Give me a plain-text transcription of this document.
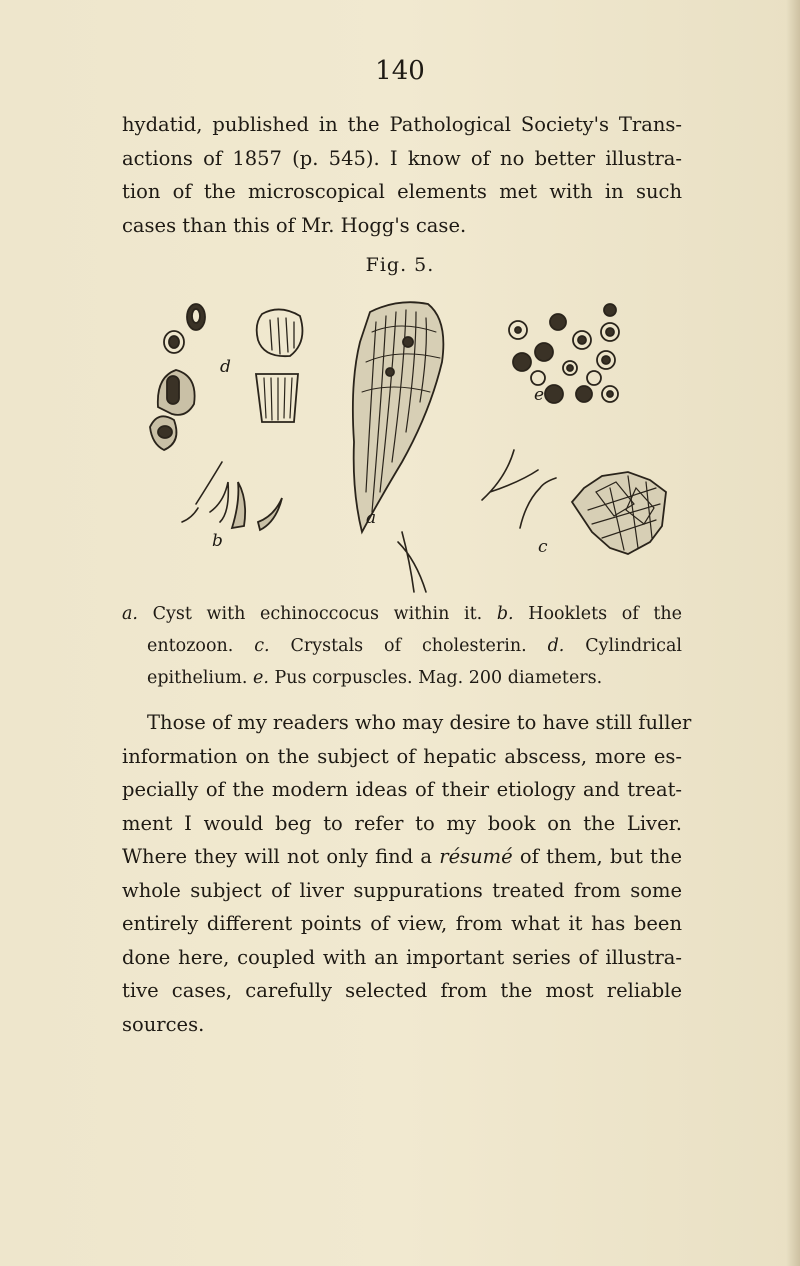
140
hydatid, published in the Pathological Society's Trans-
actions of 1857 (p. 545). I know of no better illustra-
tion of the microscopical elements met with in such
cases than this of Mr. Hogg's case.
Fig. 5.
d
b
a
c
e
a. Cyst with echinoccocus within it. b. Hooklets of the
entozoon. c. Crystals of cholesterin. d. Cylindrical
epithelium. e. Pus corpuscles. Mag. 200 diameters.
Those of my readers who may desire to have still fuller
information on the subject of hepatic abscess, more es-
pecially of the modern ideas of their etiology and treat-
ment I would beg to refer to my book on the Liver.
Where they will not only find a résumé of them, but the
whole subject of liver suppurations treated from some
entirely different points of view, from what it has been
done here, coupled with an important series of illustra-
tive cases, carefully selected from the most reliable
sources.
